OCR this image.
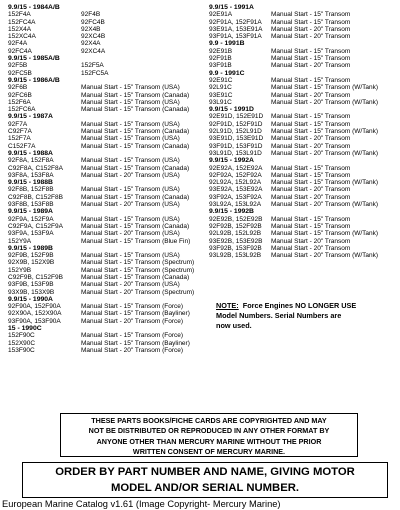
9.9/15 - 1984A/B
152F4A	92F4B
152FC4A	92FC4B
152X4A	92X4B
152XC4A	92XC4B
92F4A	92X4A
92FC4A	92XC4A
9.9/15 - 1985A/B
92F5B	152F5A
92FC5B	152FC5A
9.9/15 - 1986A/B
92F6B	Manual Start - 15" Transom (USA)
92FC6B	Manual Start - 15" Transom (Canada)
152F6A	Manual Start - 15" Transom (USA)
152FC6A	Manual Start - 15" Transom (Canada)
9.9/15 - 1987A
92F7A	Manual Start - 15" Transom (USA)
C92F7A	Manual Start - 15" Transom (Canada)
152F7A	Manual Start - 15" Transom (USA)
C152F7A	Manual Start - 15" Transom (Canada)
9.9/15 - 1988A
92F8A, 152F8A	Manual Start - 15" Transom (USA)
C92F8A, C152F8A	Manual Start - 15" Transom (Canada)
93F8A, 153F8A	Manual Start - 20" Transom (USA)
9.9/15 - 1988B
92F8B, 152F8B	Manual Start - 15" Transom (USA)
C92F8B, C152F8B	Manual Start - 15" Transom (Canada)
93F8B, 153F8B	Manual Start - 20" Transom (USA)
9.9/15 - 1989A
92F9A, 152F9A	Manual Start - 15" Transom (USA)
C92F9A, C152F9A	Manual Start - 15" Transom (Canada)
93F9A, 153F9A	Manual Start - 20" Transom (USA)
152Y9A	Manual Start - 15" Transom (Blue Fin)
9.9/15 - 1989B
92F9B, 152F9B	Manual Start - 15" Transom (USA)
92X9B, 152X9B	Manual Start - 15" Transom (Spectrum)
152Y9B	Manual Start - 15" Transom (Spectrum)
C92F9B, C152F9B	Manual Start - 15" Transom (Canada)
93F9B, 153F9B	Manual Start - 20" Transom (USA)
93X9B, 153X9B	Manual Start - 20" Transom (Spectrum)
9.9/15 - 1990A
92F90A, 152F90A	Manual Start - 15" Transom (Force)
92X90A, 152X90A	Manual Start - 15" Transom (Bayliner)
93F90A, 153F90A	Manual Start - 20" Transom (Force)
15 - 1990C
152F90C	Manual Start - 15" Transom (Force)
152X90C	Manual Start - 15" Transom (Bayliner)
153F90C	Manual Start - 20" Transom (Force)
9.9/15 - 1991A
92E91A	Manual Start - 15" Transom
92F91A, 152F91A Manual Start - 15" Transom
93E91A, 153E91A Manual Start - 20" Transom
93F91A, 153F91A Manual Start - 20" Transom
9.9 - 1991B
92E91B	Manual Start - 15" Transom
92F91B	Manual Start - 15" Transom
93F91B	Manual Start - 20" Transom
9.9 - 1991C
92E91C	Manual Start - 15" Transom
92L91C	Manual Start - 15" Transom (W/Tank)
93E91C	Manual Start - 20" Transom
93L91C	Manual Start - 20" Transom (W/Tank)
9.9/15 - 1991D
92E91D, 152E91D Manual Start - 15" Transom
92F91D, 152F91D Manual Start - 15" Transom
92L91D, 152L91D Manual Start - 15" Transom (W/Tank)
93E91D, 153E91D Manual Start - 20" Transom
93F91D, 153F91D Manual Start - 20" Transom
93L91D, 153L91D Manual Start - 20" Transom (W/Tank)
9.9/15 - 1992A
92E92A, 152E92A Manual Start - 15" Transom
92F92A, 152F92A Manual Start - 15" Transom
92L92A, 152L92A Manual Start - 15" Transom (W/Tank)
93E92A, 153E92A Manual Start - 20" Transom
93F92A, 153F92A Manual Start - 20" Transom
93L92A, 153L92A Manual Start - 20" Transom (W/Tank)
9.9/15 - 1992B
92E92B, 152E92B Manual Start - 15" Transom
92F92B, 152F92B Manual Start - 15" Transom
92L92B, 152L92B Manual Start - 15" Transom (W/Tank)
93E92B, 153E92B Manual Start - 20" Transom
93F92B, 153F92B Manual Start - 20" Transom
93L92B, 153L92B Manual Start - 20" Transom (W/Tank)
NOTE: Force Engines NO LONGER USE
Model Numbers. Serial Numbers are
now used.
THESE PARTS BOOKS/FICHE CARDS ARE COPYRIGHTED AND MAY
NOT BE DISTRIBUTED OR REPRODUCED IN ANY OTHER FORMAT BY
ANYONE OTHER THAN MERCURY MARINE WITHOUT THE PRIOR
WRITTEN CONSENT OF MERCURY MARINE.
ORDER BY PART NUMBER AND NAME, GIVING MOTOR
MODEL AND/OR SERIAL NUMBER.
European Marine Catalog v1.61 (Image Copyright- Mercury Marine)
